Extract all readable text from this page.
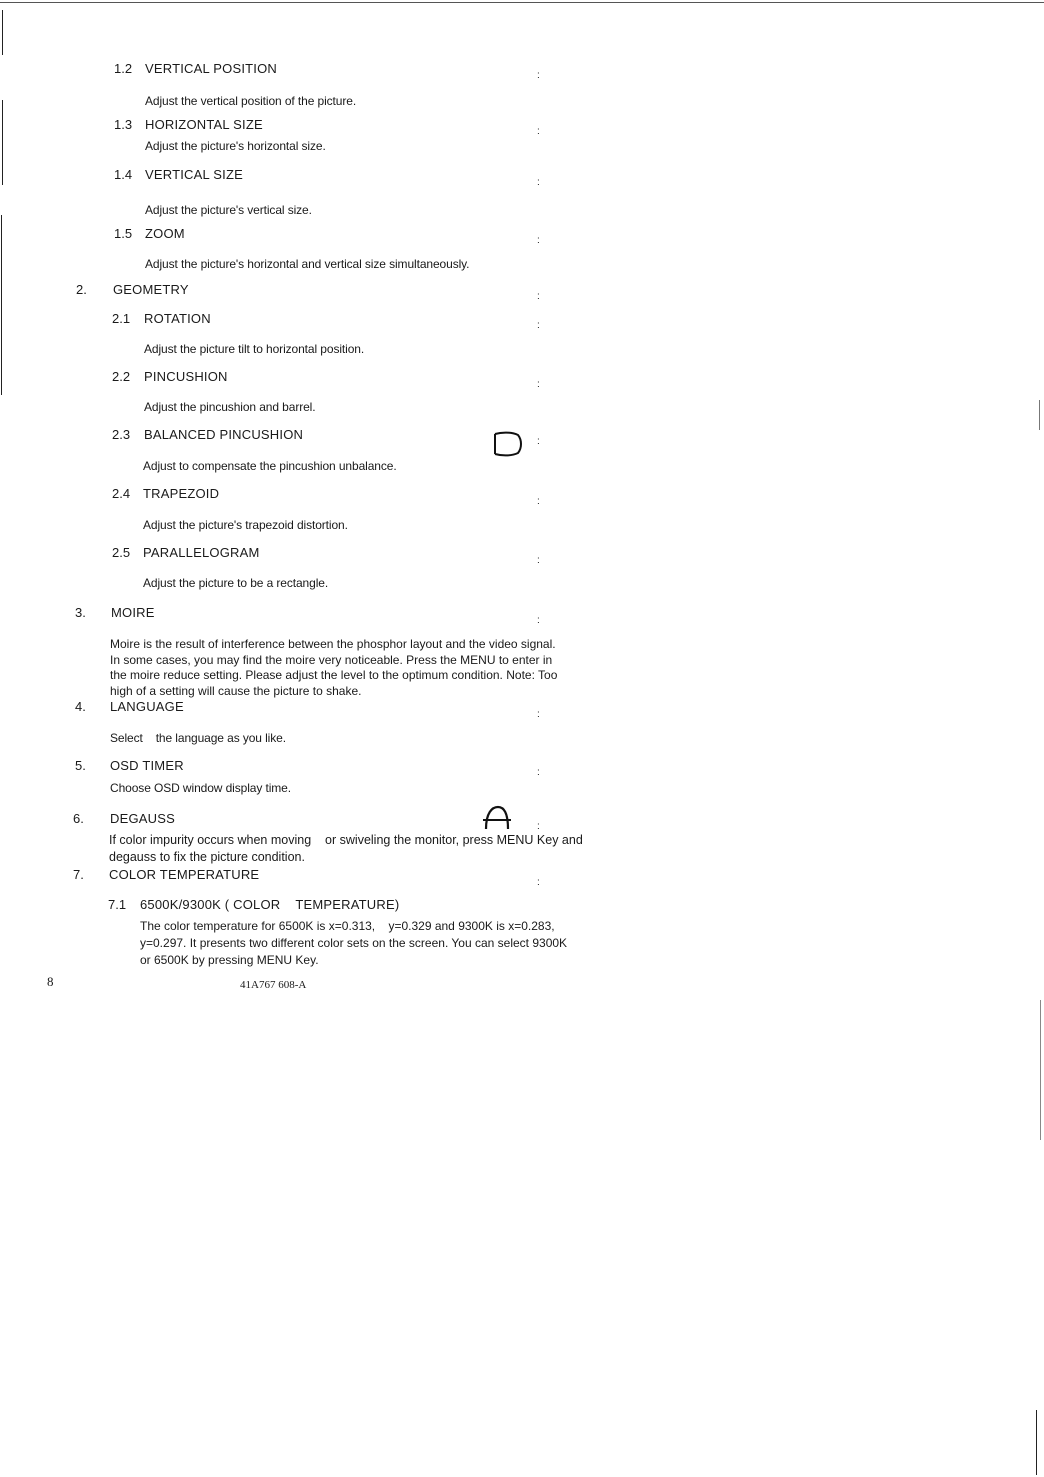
1.2 VERTICAL POSITION	:
Adjust the vertical position of the picture.
1.3 HORIZONTAL SIZE	:
Adjust the picture's horizontal size.
1.4 VERTICAL SIZE
:
Adjust the picture's vertical size.
1.5 ZOOM	:
Adjust the picture's horizontal and vertical size simultaneously.
2. GEOMETRY	:
2.1 ROTATION	:
Adjust the picture tilt to horizontal position.
2.2 PINCUSHION
:
Adjust the pincushion and barrel.
2.3 BALANCED PINCUSHION	:
Adjust to compensate the pincushion unbalance.
2.4 TRAPEZOID
:
Adjust the picture's trapezoid distortion.
2.5 PARALLELOGRAM
:
Adjust the picture to be a rectangle.
3. MOIRE
:
Moire is the result of interference between the phosphor layout and the video signal.
In some cases, you may find the moire very noticeable. Press the MENU to enter in
the moire reduce setting. Please adjust the level to the optimum condition. Note: Too
high of a setting will cause the picture to shake.
4. LANGUAGE
:
Select    the language as you like.
5. OSD TIMER	:
Choose OSD window display time.
6. DEGAUSS
:
If color impurity occurs when moving    or swiveling the monitor, press MENU Key and
degauss to fix the picture condition.
7. COLOR TEMPERATURE
:
7.1 6500K/9300K ( COLOR    TEMPERATURE)
The color temperature for 6500K is x=0.313,    y=0.329 and 9300K is x=0.283,
y=0.297. It presents two different color sets on the screen. You can select 9300K
or 6500K by pressing MENU Key.
8	41A767 608-A
